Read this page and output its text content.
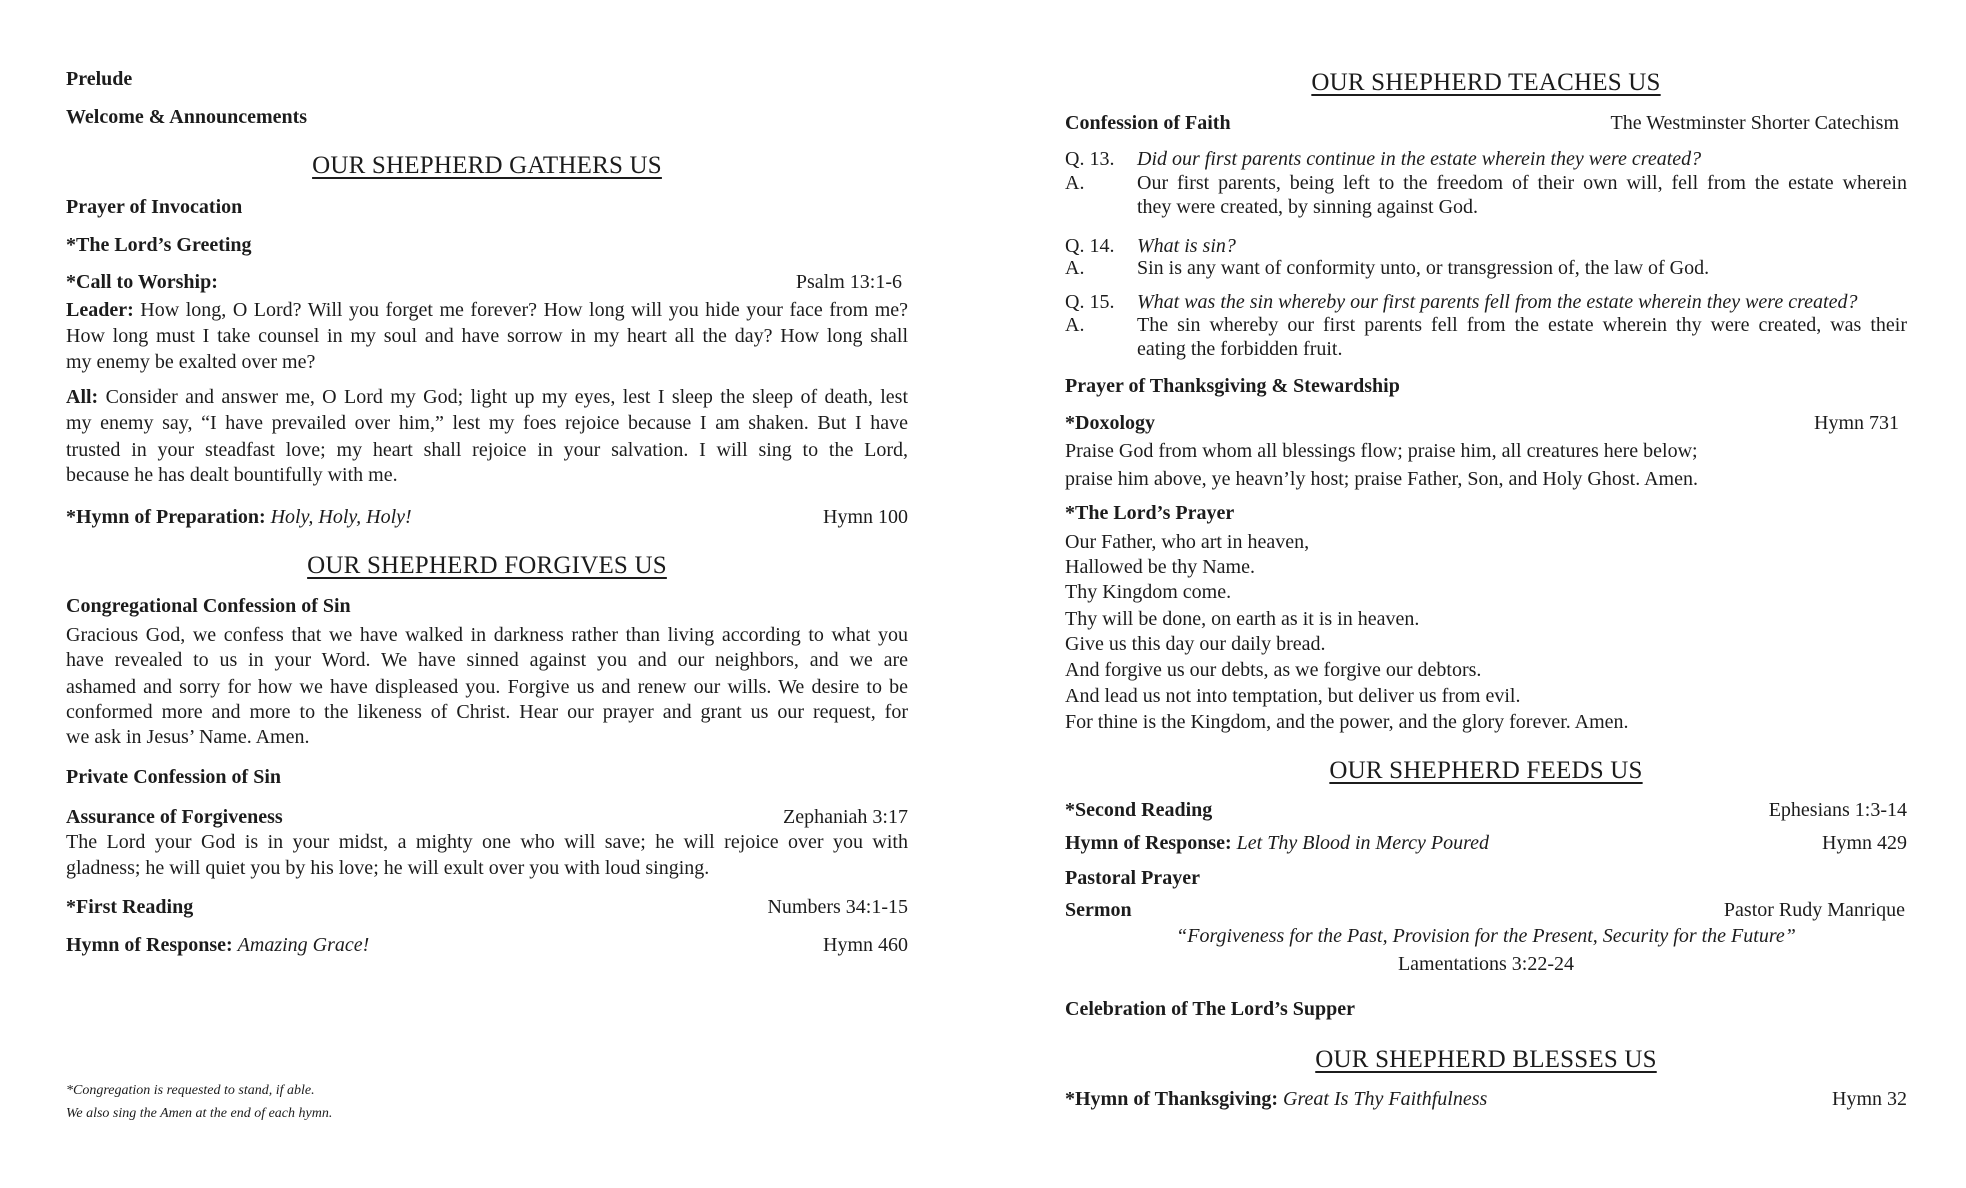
Prelude
Welcome & Announcements
OUR SHEPHERD GATHERS US
Prayer of Invocation
*The Lord’s Greeting
*Call to Worship:	Psalm 13:1-6
Leader: How long, O Lord? Will you forget me forever? How long will you hide your face from me?
How long must I take counsel in my soul and have sorrow in my heart all the day? How long shall
my enemy be exalted over me?
All: Consider and answer me, O Lord my God; light up my eyes, lest I sleep the sleep of death, lest
my enemy say, “I have prevailed over him,” lest my foes rejoice because I am shaken. But I have
trusted in your steadfast love; my heart shall rejoice in your salvation. I will sing to the Lord,
because he has dealt bountifully with me.
*Hymn of Preparation: Holy, Holy, Holy!	Hymn 100
OUR SHEPHERD FORGIVES US
Congregational Confession of Sin
Gracious God, we confess that we have walked in darkness rather than living according to what you
have revealed to us in your Word. We have sinned against you and our neighbors, and we are
ashamed and sorry for how we have displeased you. Forgive us and renew our wills. We desire to be
conformed more and more to the likeness of Christ. Hear our prayer and grant us our request, for
we ask in Jesus’ Name. Amen.
Private Confession of Sin
Assurance of Forgiveness	Zephaniah 3:17
The Lord your God is in your midst, a mighty one who will save; he will rejoice over you with
gladness; he will quiet you by his love; he will exult over you with loud singing.
*First Reading	Numbers 34:1-15
Hymn of Response: Amazing Grace!	Hymn 460
*Congregation is requested to stand, if able.
We also sing the Amen at the end of each hymn.
OUR SHEPHERD TEACHES US
Confession of Faith	The Westminster Shorter Catechism
Q. 13. Did our first parents continue in the estate wherein they were created?
A.	Our first parents, being left to the freedom of their own will, fell from the estate wherein
they were created, by sinning against God.
Q. 14. What is sin?
A.	Sin is any want of conformity unto, or transgression of, the law of God.
Q. 15. What was the sin whereby our first parents fell from the estate wherein they were created?
A.	The sin whereby our first parents fell from the estate wherein thy were created, was their
eating the forbidden fruit.
Prayer of Thanksgiving & Stewardship
*Doxology	Hymn 731
Praise God from whom all blessings flow; praise him, all creatures here below;
praise him above, ye heavn’ly host; praise Father, Son, and Holy Ghost. Amen.
*The Lord’s Prayer
Our Father, who art in heaven,
Hallowed be thy Name.
Thy Kingdom come.
Thy will be done, on earth as it is in heaven.
Give us this day our daily bread.
And forgive us our debts, as we forgive our debtors.
And lead us not into temptation, but deliver us from evil.
For thine is the Kingdom, and the power, and the glory forever. Amen.
OUR SHEPHERD FEEDS US
*Second Reading	Ephesians 1:3-14
Hymn of Response: Let Thy Blood in Mercy Poured	Hymn 429
Pastoral Prayer
Sermon	Pastor Rudy Manrique
“Forgiveness for the Past, Provision for the Present, Security for the Future”
Lamentations 3:22-24
Celebration of The Lord’s Supper
OUR SHEPHERD BLESSES US
*Hymn of Thanksgiving: Great Is Thy Faithfulness	Hymn 32
